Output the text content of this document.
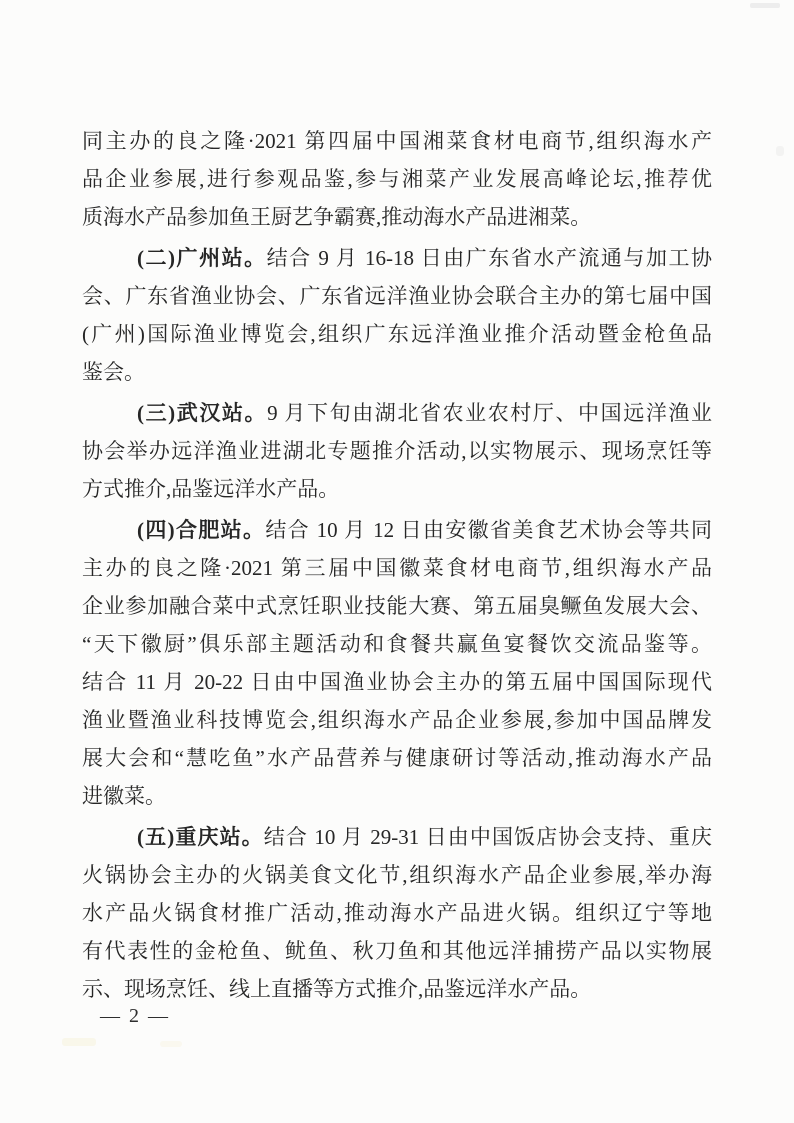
同主办的良之隆·2021 第四届中国湘菜食材电商节,组织海水产
品企业参展,进行参观品鉴,参与湘菜产业发展高峰论坛,推荐优
质海水产品参加鱼王厨艺争霸赛,推动海水产品进湘菜。
(二)广州站。结合 9 月 16-18 日由广东省水产流通与加工协
会、广东省渔业协会、广东省远洋渔业协会联合主办的第七届中国
(广州)国际渔业博览会,组织广东远洋渔业推介活动暨金枪鱼品
鉴会。
(三)武汉站。9 月下旬由湖北省农业农村厅、中国远洋渔业
协会举办远洋渔业进湖北专题推介活动,以实物展示、现场烹饪等
方式推介,品鉴远洋水产品。
(四)合肥站。结合 10 月 12 日由安徽省美食艺术协会等共同
主办的良之隆·2021 第三届中国徽菜食材电商节,组织海水产品
企业参加融合菜中式烹饪职业技能大赛、第五届臭鳜鱼发展大会、
“天下徽厨”俱乐部主题活动和食餐共赢鱼宴餐饮交流品鉴等。
结合 11 月 20-22 日由中国渔业协会主办的第五届中国国际现代
渔业暨渔业科技博览会,组织海水产品企业参展,参加中国品牌发
展大会和“慧吃鱼”水产品营养与健康研讨等活动,推动海水产品
进徽菜。
(五)重庆站。结合 10 月 29-31 日由中国饭店协会支持、重庆
火锅协会主办的火锅美食文化节,组织海水产品企业参展,举办海
水产品火锅食材推广活动,推动海水产品进火锅。组织辽宁等地
有代表性的金枪鱼、鱿鱼、秋刀鱼和其他远洋捕捞产品以实物展
示、现场烹饪、线上直播等方式推介,品鉴远洋水产品。
— 2 —
